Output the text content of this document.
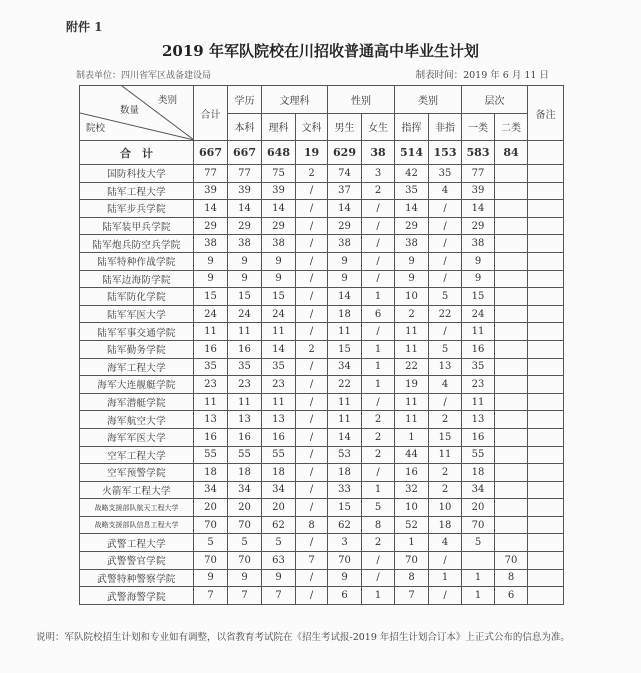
附件 1
2019 年军队院校在川招收普通高中毕业生计划
制表单位：四川省军区战备建设局	制表时间：2019 年 6 月 11 日
类别
数量
院校	合计	学历	文理科		性别		类别		层次		备注
		本科	理科	文科	男生	女生	指挥	非指	一类	二类	
合　计	667	667	648	19	629	38	514	153	583	84	
国防科技大学	77	77	75	2	74	3	42	35	77		
陆军工程大学	39	39	39	/	37	2	35	4	39		
陆军步兵学院	14	14	14	/	14	/	14	/	14		
陆军装甲兵学院	29	29	29	/	29	/	29	/	29		
陆军炮兵防空兵学院	38	38	38	/	38	/	38	/	38		
陆军特种作战学院	9	9	9	/	9	/	9	/	9		
陆军边海防学院	9	9	9	/	9	/	9	/	9		
陆军防化学院	15	15	15	/	14	1	10	5	15		
陆军军医大学	24	24	24	/	18	6	2	22	24		
陆军军事交通学院	11	11	11	/	11	/	11	/	11		
陆军勤务学院	16	16	14	2	15	1	11	5	16		
海军工程大学	35	35	35	/	34	1	22	13	35		
海军大连舰艇学院	23	23	23	/	22	1	19	4	23		
海军潜艇学院	11	11	11	/	11	/	11	/	11		
海军航空大学	13	13	13	/	11	2	11	2	13		
海军军医大学	16	16	16	/	14	2	1	15	16		
空军工程大学	55	55	55	/	53	2	44	11	55		
空军预警学院	18	18	18	/	18	/	16	2	18		
火箭军工程大学	34	34	34	/	33	1	32	2	34		
战略支援部队航天工程大学	20	20	20	/	15	5	10	10	20		
战略支援部队信息工程大学	70	70	62	8	62	8	52	18	70		
武警工程大学	5	5	5	/	3	2	1	4	5		
武警警官学院	70	70	63	7	70	/	70	/		70	
武警特种警察学院	9	9	9	/	9	/	8	1	1	8	
武警海警学院	7	7	7	/	6	1	7	/	1	6	
说明：军队院校招生计划和专业如有调整，以省教育考试院在《招生考试报-2019 年招生计划合订本》上正式公布的信息为准。
